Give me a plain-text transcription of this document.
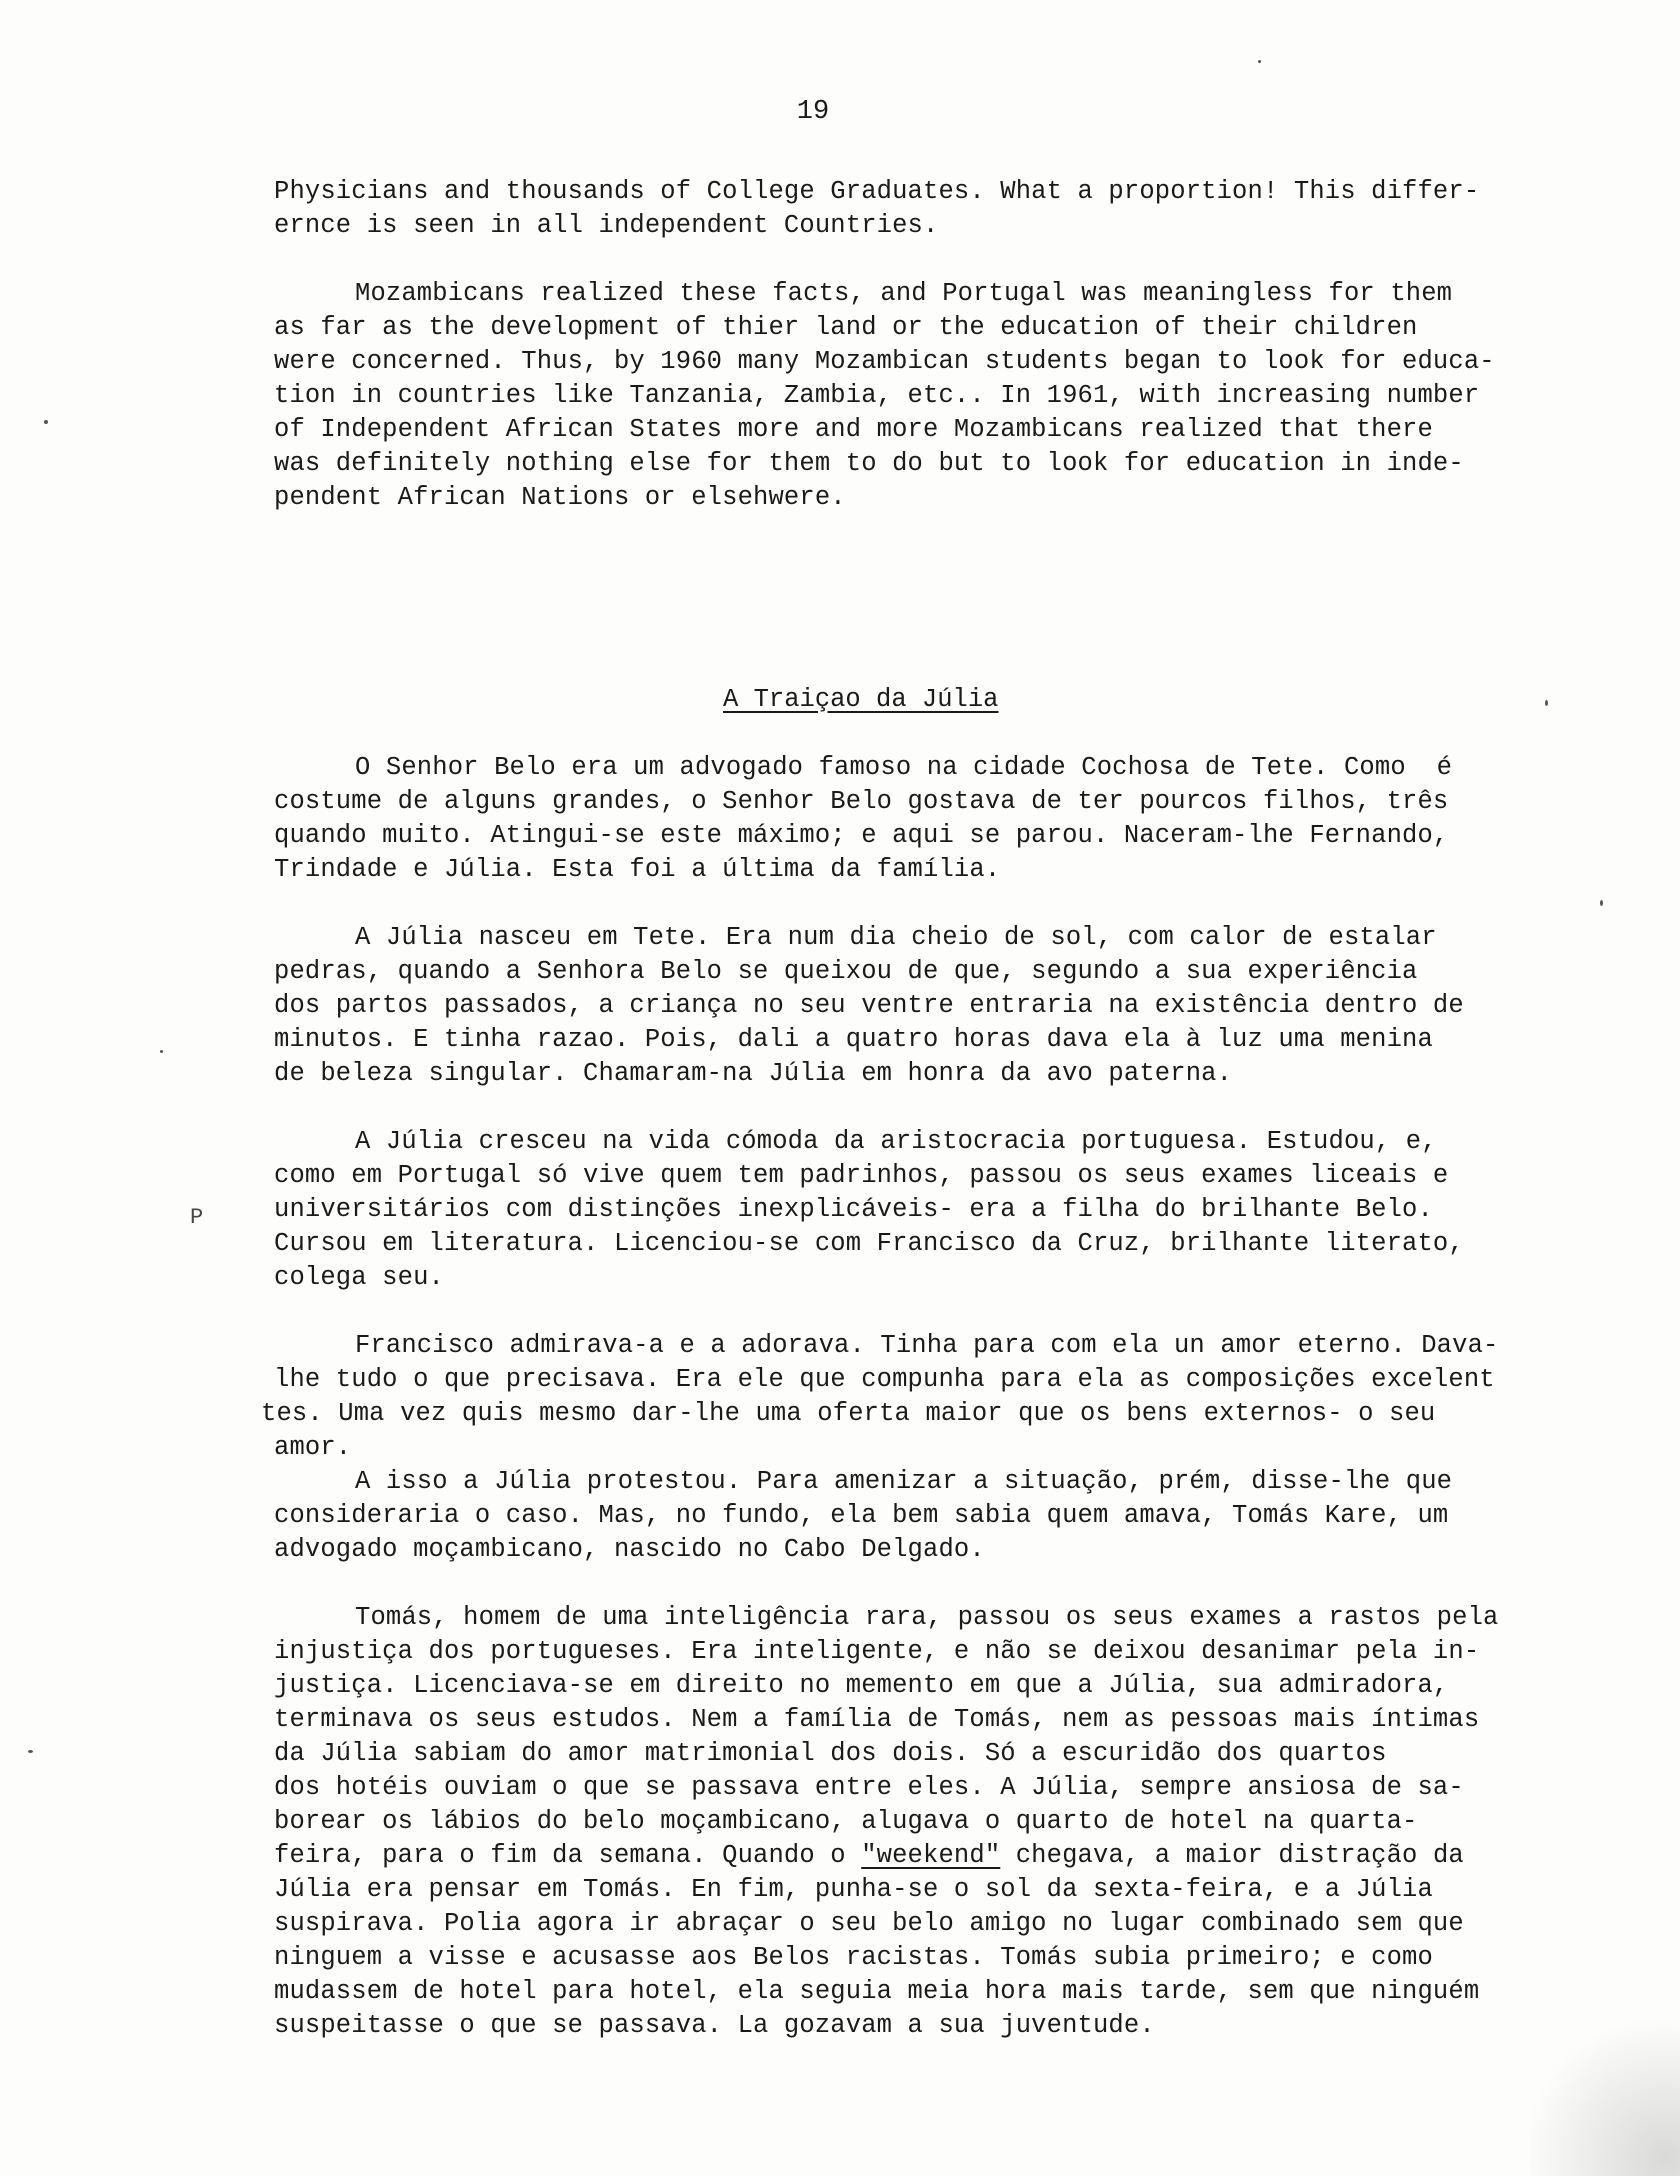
19
Physicians and thousands of College Graduates. What a proportion! This differ-
ernce is seen in all independent Countries.
Mozambicans realized these facts, and Portugal was meaningless for them
as far as the development of thier land or the education of their children
were concerned. Thus, by 1960 many Mozambican students began to look for educa-
tion in countries like Tanzania, Zambia, etc.. In 1961, with increasing number
of Independent African States more and more Mozambicans realized that there
was definitely nothing else for them to do but to look for education in inde-
pendent African Nations or elsehwere.
A Traiçao da Júlia
O Senhor Belo era um advogado famoso na cidade Cochosa de Tete. Como  é
costume de alguns grandes, o Senhor Belo gostava de ter pourcos filhos, três
quando muito. Atingui-se este máximo; e aqui se parou. Naceram-lhe Fernando,
Trindade e Júlia. Esta foi a última da família.
A Júlia nasceu em Tete. Era num dia cheio de sol, com calor de estalar
pedras, quando a Senhora Belo se queixou de que, segundo a sua experiência
dos partos passados, a criança no seu ventre entraria na existência dentro de
minutos. E tinha razao. Pois, dali a quatro horas dava ela à luz uma menina
de beleza singular. Chamaram-na Júlia em honra da avo paterna.
A Júlia cresceu na vida cómoda da aristocracia portuguesa. Estudou, e,
como em Portugal só vive quem tem padrinhos, passou os seus exames liceais e
universitários com distinções inexplicáveis- era a filha do brilhante Belo.
Cursou em literatura. Licenciou-se com Francisco da Cruz, brilhante literato,
colega seu.
Francisco admirava-a e a adorava. Tinha para com ela un amor eterno. Dava-
lhe tudo o que precisava. Era ele que compunha para ela as composições excelent
tes. Uma vez quis mesmo dar-lhe uma oferta maior que os bens externos- o seu
amor.
A isso a Júlia protestou. Para amenizar a situação, prém, disse-lhe que
consideraria o caso. Mas, no fundo, ela bem sabia quem amava, Tomás Kare, um
advogado moçambicano, nascido no Cabo Delgado.
Tomás, homem de uma inteligência rara, passou os seus exames a rastos pela
injustiça dos portugueses. Era inteligente, e não se deixou desanimar pela in-
justiça. Licenciava-se em direito no memento em que a Júlia, sua admiradora,
terminava os seus estudos. Nem a família de Tomás, nem as pessoas mais íntimas
da Júlia sabiam do amor matrimonial dos dois. Só a escuridão dos quartos
dos hotéis ouviam o que se passava entre eles. A Júlia, sempre ansiosa de sa-
borear os lábios do belo moçambicano, alugava o quarto de hotel na quarta-
feira, para o fim da semana. Quando o "weekend" chegava, a maior distração da
Júlia era pensar em Tomás. En fim, punha-se o sol da sexta-feira, e a Júlia
suspirava. Polia agora ir abraçar o seu belo amigo no lugar combinado sem que
ninguem a visse e acusasse aos Belos racistas. Tomás subia primeiro; e como
mudassem de hotel para hotel, ela seguia meia hora mais tarde, sem que ninguém
suspeitasse o que se passava. La gozavam a sua juventude.
P
